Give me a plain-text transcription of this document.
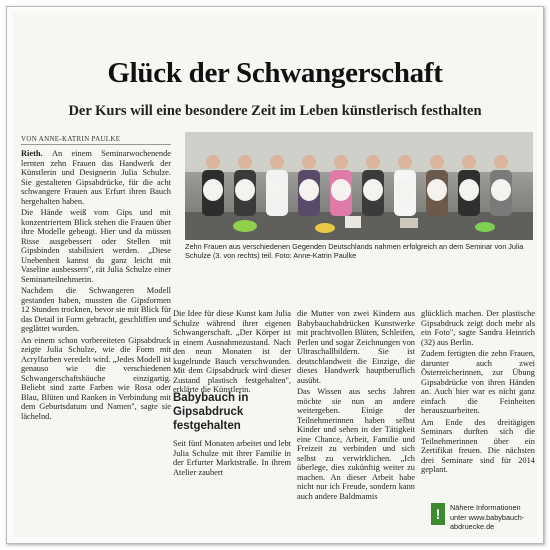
Glück der Schwangerschaft
Der Kurs will eine besondere Zeit im Leben künstlerisch festhalten
VON ANNE-KATRIN PAULKE

Rieth. An einem Seminarwochenende lernten zehn Frauen das Handwerk der Künstlerin und Designerin Julia Schulze. Sie gestalteten Gipsabdrücke, für die acht schwangere Frauen aus Erfurt ihren Bauch hergehalten haben.

Die Hände weiß vom Gips und mit konzentriertem Blick stehen die Frauen über ihre Modelle gebeugt. Hier und da müssen Risse ausgebessert oder Stellen mit Gipsbinden stabilisiert werden. „Diese Unebenheit kannst du ganz leicht mit Vaseline ausbessern", rät Julia Schulze einer Seminarteilnehmerin.

Nachdem die Schwangeren Modell gestanden haben, mussten die Gipsformen 12 Stunden trocknen, bevor sie mit Blick für das Detail in Form gebracht, geschliffen und geglättet wurden.

An einem schon vorbereiteten Gipsabdruck zeigte Julia Schulze, wie die Form mit Acrylfarben veredelt wird. „Jedes Modell ist genauso wie die verschiedenen Schwangerschaftsbäuche einzigartig. Beliebt sind zarte Farben wie Rosa oder Blau, Blüten und Ranken in Verbindung mit dem Geburtsdatum und Namen", sagte sie lächelnd.

Zehn Frauen aus verschiedenen Gegenden Deutschlands nahmen erfolgreich an dem Seminar von Julia Schulze (3. von rechts) teil. Foto: Anne-Katrin Paulke

Die Idee für diese Kunst kam Julia Schulze während ihrer eigenen Schwangerschaft. „Der Körper ist in einem Ausnahmezustand. Nach den neun Monaten ist der kugelrunde Bauch verschwunden. Mit dem Gipsabdruck wird dieser Zustand plastisch festgehalten", erklärte die Künstlerin.

Babybauch in Gipsabdruck festgehalten

Seit fünf Monaten arbeitet und lebt Julia Schulze mit ihrer Familie in der Erfurter Marktstraße. In ihrem Atelier zaubert

die Mutter von zwei Kindern aus Babybauchabdrücken Kunstwerke mit prachtvollen Blüten, Schleifen, Perlen und sogar Zeichnungen von Ultraschallbildern. Sie ist deutschlandweit die Einzige, die dieses Handwerk hauptberuflich ausübt.

Das Wissen aus sechs Jahren möchte sie nun an andere weitergeben. Einige der Teilnehmerinnen haben selbst Kinder und sehen in der Tätigkeit eine Chance, Arbeit, Familie und Freizeit zu verbinden und sich selbst zu verwirklichen. „Ich überlege, dies zukünftig weiter zu machen. An dieser Arbeit habe nicht nur ich Freude, sondern kann auch andere Baldmamis

glücklich machen. Der plastische Gipsabdruck zeigt doch mehr als ein Foto", sagte Sandra Heinrich (32) aus Berlin.

Zudem fertigten die zehn Frauen, darunter auch zwei Österreicherinnen, zur Übung Gipsabdrücke von ihren Händen an. Auch hier war es nicht ganz einfach die Feinheiten herauszuarbeiten.

Am Ende des dreitägigen Seminars durften sich die Teilnehmerinnen über ein Zertifikat freuen. Die nächsten drei Seminare sind für 2014 geplant.

!	Nähere Informationen
unter www.babybauch-abdruecke.de
